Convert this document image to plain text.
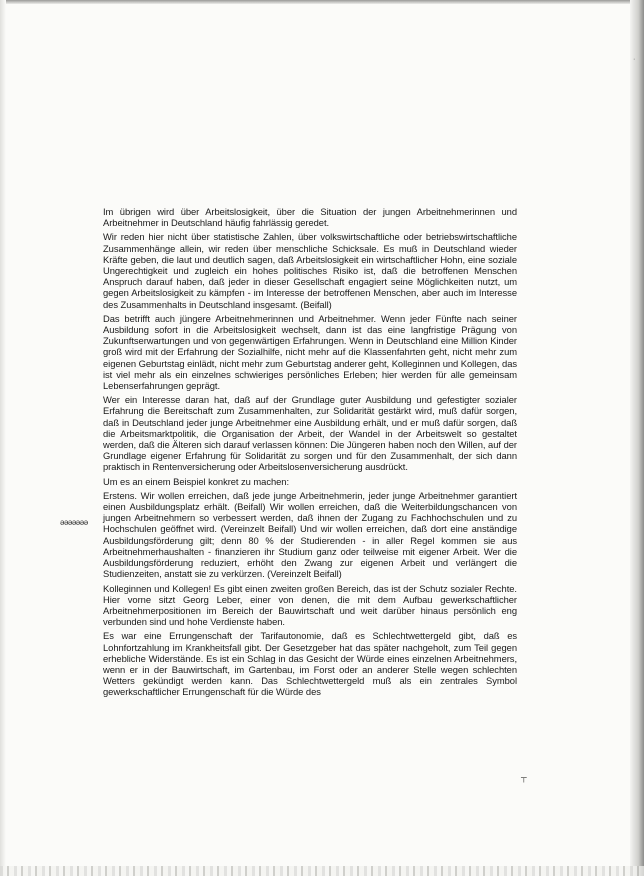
·
ǝǝǝǝǝǝǝ

Im übrigen wird über Arbeitslosigkeit, über die Situation der jungen Arbeitnehmerinnen und Arbeitnehmer in Deutschland häufig fahrlässig geredet.

Wir reden hier nicht über statistische Zahlen, über volkswirtschaftliche oder betriebswirtschaftliche Zusammenhänge allein, wir reden über menschliche Schicksale. Es muß in Deutschland wieder Kräfte geben, die laut und deutlich sagen, daß Arbeitslosigkeit ein wirtschaftlicher Hohn, eine soziale Ungerechtigkeit und zugleich ein hohes politisches Risiko ist, daß die betroffenen Menschen Anspruch darauf haben, daß jeder in dieser Gesellschaft engagiert seine Möglichkeiten nutzt, um gegen Arbeitslosigkeit zu kämpfen - im Interesse der betroffenen Menschen, aber auch im Interesse des Zusammenhalts in Deutschland insgesamt. (Beifall)

Das betrifft auch jüngere Arbeitnehmerinnen und Arbeitnehmer. Wenn jeder Fünfte nach seiner Ausbildung sofort in die Arbeitslosigkeit wechselt, dann ist das eine langfristige Prägung von Zukunftserwartungen und von gegenwärtigen Erfahrungen. Wenn in Deutschland eine Million Kinder groß wird mit der Erfahrung der Sozialhilfe, nicht mehr auf die Klassenfahrten geht, nicht mehr zum eigenen Geburtstag einlädt, nicht mehr zum Geburtstag anderer geht, Kolleginnen und Kollegen, das ist viel mehr als ein einzelnes schwieriges persönliches Erleben; hier werden für alle gemeinsam Lebenserfahrungen geprägt.

Wer ein Interesse daran hat, daß auf der Grundlage guter Ausbildung und gefestigter sozialer Erfahrung die Bereitschaft zum Zusammenhalten, zur Solidarität gestärkt wird, muß dafür sorgen, daß in Deutschland jeder junge Arbeitnehmer eine Ausbildung erhält, und er muß dafür sorgen, daß die Arbeitsmarktpolitik, die Organisation der Arbeit, der Wandel in der Arbeitswelt so gestaltet werden, daß die Älteren sich darauf verlassen können: Die Jüngeren haben noch den Willen, auf der Grundlage eigener Erfahrung für Solidarität zu sorgen und für den Zusammenhalt, der sich dann praktisch in Rentenversicherung oder Arbeitslosenversicherung ausdrückt.

Um es an einem Beispiel konkret zu machen:

Erstens. Wir wollen erreichen, daß jede junge Arbeitnehmerin, jeder junge Arbeitnehmer garantiert einen Ausbildungsplatz erhält. (Beifall) Wir wollen erreichen, daß die Weiterbildungschancen von jungen Arbeitnehmern so verbessert werden, daß ihnen der Zugang zu Fachhochschulen und zu Hochschulen geöffnet wird. (Vereinzelt Beifall) Und wir wollen erreichen, daß dort eine anständige Ausbildungsförderung gilt; denn 80 % der Studierenden - in aller Regel kommen sie aus Arbeitnehmerhaushalten - finanzieren ihr Studium ganz oder teilweise mit eigener Arbeit. Wer die Ausbildungsförderung reduziert, erhöht den Zwang zur eigenen Arbeit und verlängert die Studienzeiten, anstatt sie zu verkürzen. (Vereinzelt Beifall)

Kolleginnen und Kollegen! Es gibt einen zweiten großen Bereich, das ist der Schutz sozialer Rechte. Hier vorne sitzt Georg Leber, einer von denen, die mit dem Aufbau gewerkschaftlicher Arbeitnehmerpositionen im Bereich der Bauwirtschaft und weit darüber hinaus persönlich eng verbunden sind und hohe Verdienste haben.

Es war eine Errungenschaft der Tarifautonomie, daß es Schlechtwettergeld gibt, daß es Lohnfortzahlung im Krankheitsfall gibt. Der Gesetzgeber hat das später nachgeholt, zum Teil gegen erhebliche Widerstände. Es ist ein Schlag in das Gesicht der Würde eines einzelnen Arbeitnehmers, wenn er in der Bauwirtschaft, im Gartenbau, im Forst oder an anderer Stelle wegen schlechten Wetters gekündigt werden kann. Das Schlechtwettergeld muß als ein zentrales Symbol gewerkschaftlicher Errungenschaft für die Würde des

┬
